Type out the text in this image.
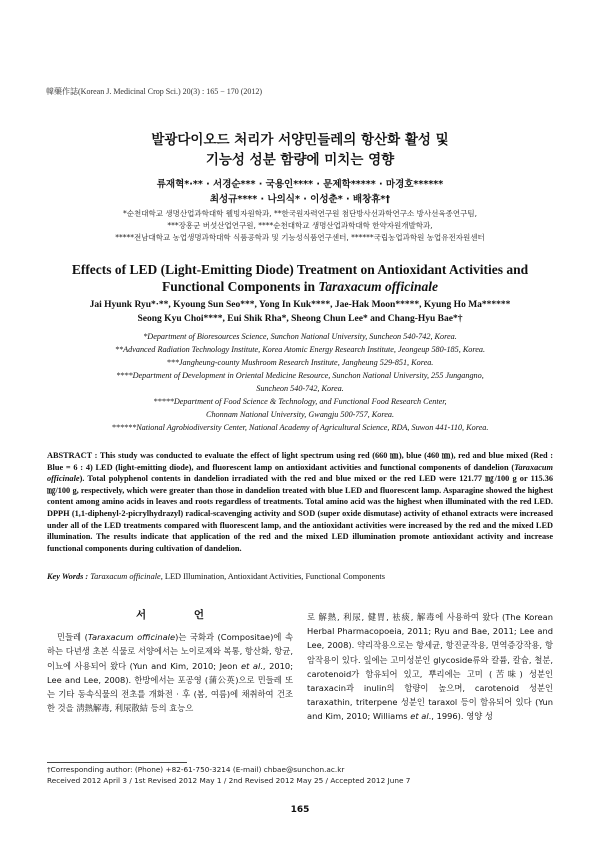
韓藥作誌(Korean J. Medicinal Crop Sci.) 20(3) : 165 − 170 (2012)
발광다이오드 처리가 서양민들레의 항산화 활성 및
기능성 성분 함량에 미치는 영향
류재혁*·** · 서경순*** · 국용인**** · 문제학***** · 마경호******
최성규**** · 나의식* · 이성춘* · 배창휴*†
*순천대학교 생명산업과학대학 웰빙자원학과, **한국원자력연구원 첨단방사선과학연구소 방사선육종연구팀,
***장흥군 버섯산업연구원, ****순천대학교 생명산업과학대학 한약자원개발학과,
*****전남대학교 농업생명과학대학 식품공학과 및 기능성식품연구센터, ******국립농업과학원 농업유전자원센터
Effects of LED (Light-Emitting Diode) Treatment on Antioxidant Activities and
Functional Components in Taraxacum officinale
Jai Hyunk Ryu*·**, Kyoung Sun Seo***, Yong In Kuk****, Jae-Hak Moon*****, Kyung Ho Ma******
Seong Kyu Choi****, Eui Shik Rha*, Sheong Chun Lee* and Chang-Hyu Bae*†
*Department of Bioresources Science, Sunchon National University, Suncheon 540-742, Korea.
**Advanced Radiation Technology Institute, Korea Atomic Energy Research Institute, Jeongeup 580-185, Korea.
***Jangheung-county Mushroom Research Institute, Jangheung 529-851, Korea.
****Department of Development in Oriental Medicine Resource, Sunchon National University, 255 Jungangno,
Suncheon 540-742, Korea.
*****Department of Food Science & Technology, and Functional Food Research Center,
Chonnam National University, Gwangju 500-757, Korea.
******National Agrobiodiversity Center, National Academy of Agricultural Science, RDA, Suwon 441-110, Korea.
ABSTRACT : This study was conducted to evaluate the effect of light spectrum using red (660 ㎚), blue (460 ㎚), red and blue mixed (Red : Blue = 6 : 4) LED (light-emitting diode), and fluorescent lamp on antioxidant activities and functional components of dandelion (Taraxacum officinale). Total polyphenol contents in dandelion irradiated with the red and blue mixed or the red LED were 121.77 ㎎/100 g or 115.36 ㎎/100 g, respectively, which were greater than those in dandelion treated with blue LED and fluorescent lamp. Asparagine showed the highest content among amino acids in leaves and roots regardless of treatments. Total amino acid was the highest when illuminated with the red LED. DPPH (1,1-diphenyl-2-picrylhydrazyl) radical-scavenging activity and SOD (super oxide dismutase) activity of ethanol extracts were increased under all of the LED treatments compared with fluorescent lamp, and the antioxidant activities were increased by the red and the mixed LED illumination. The results indicate that application of the red and the mixed LED illumination promote antioxidant activity and increase functional components during cultivation of dandelion.
Key Words : Taraxacum officinale, LED Illumination, Antioxidant Activities, Functional Components
서 언

민들레 (Taraxacum officinale)는 국화과 (Compositae)에 속하는 다년생 초본 식물로 서양에서는 노이로제와 복통, 항산화, 항균, 이뇨에 사용되어 왔다 (Yun and Kim, 2010; Jeon et al., 2010; Lee and Lee, 2008). 한방에서는 포공영 (蒲公英)으로 민들레 또는 기타 동속식물의 전초를 개화전 · 후 (봄, 여름)에 채취하여 건조한 것을 淸熱解毒, 利尿散結 등의 효능으

로 解熱, 利尿, 健胃, 袪痰, 解毒에 사용하여 왔다 (The Korean Herbal Pharmacopoeia, 2011; Ryu and Bae, 2011; Lee and Lee, 2008). 약리작용으로는 항세균, 항진균작용, 면역증강작용, 항암작용이 있다. 잎에는 고미성분인 glycoside류와 칼륨, 칼슘, 철분, carotenoid가 함유되어 있고, 뿌리에는 고미 (苦味) 성분인 taraxacin과 inulin의 함량이 높으며, carotenoid 성분인 taraxathin, triterpene 성분인 taraxol 등이 함유되어 있다 (Yun and Kim, 2010; Williams et al., 1996). 영양 성

†Corresponding author: (Phone) +82-61-750-3214 (E-mail) chbae@sunchon.ac.kr
Received 2012 April 3 / 1st Revised 2012 May 1 / 2nd Revised 2012 May 25 / Accepted 2012 June 7
165
